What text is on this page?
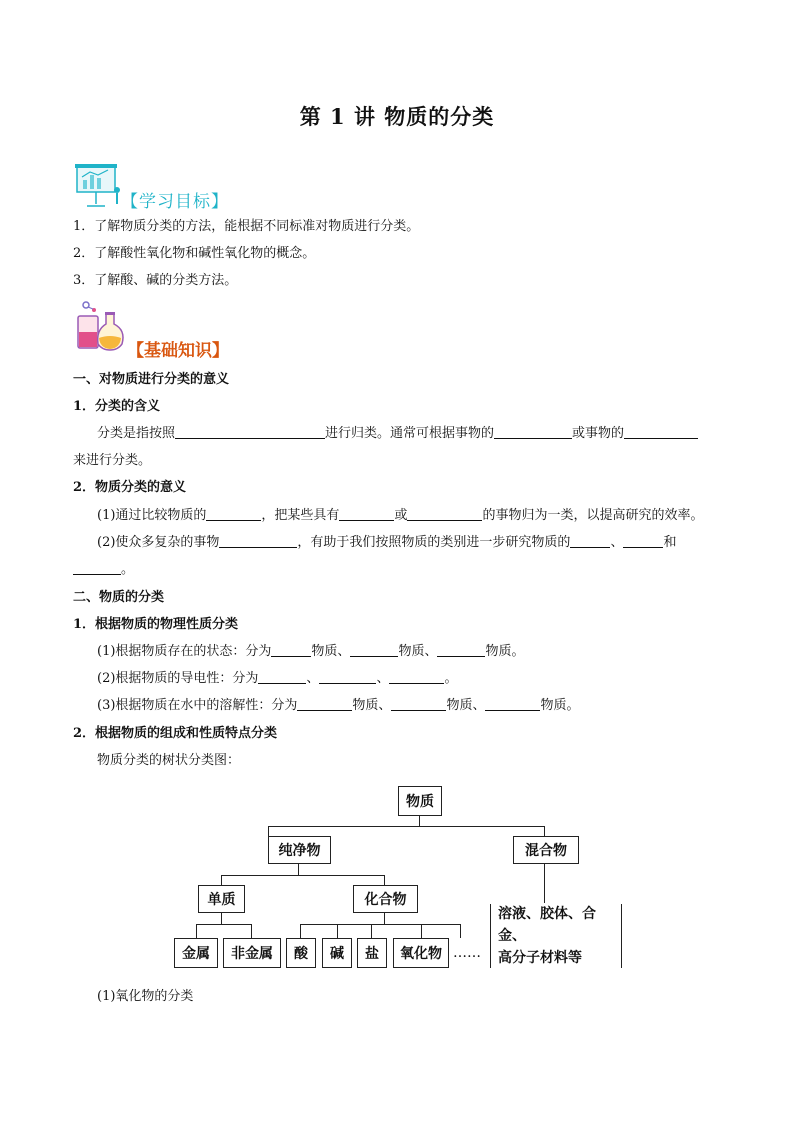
第 1 讲 物质的分类
【学习目标】
1．了解物质分类的方法，能根据不同标准对物质进行分类。
2．了解酸性氧化物和碱性氧化物的概念。
3．了解酸、碱的分类方法。
【基础知识】
一、对物质进行分类的意义
1．分类的含义
分类是指按照	进行归类。通常可根据事物的	或事物的
来进行分类。
2．物质分类的意义
(1)通过比较物质的	，把某些具有	或	的事物归为一类，以提高研究的效率。
(2)使众多复杂的事物	，有助于我们按照物质的类别进一步研究物质的	、	和
。
二、物质的分类
1．根据物质的物理性质分类
(1)根据物质存在的状态：分为	物质、	物质、	物质。
(2)根据物质的导电性：分为	、	、	。
(3)根据物质在水中的溶解性：分为	物质、	物质、	物质。
2．根据物质的组成和性质特点分类
物质分类的树状分类图：
物质
纯净物	混合物
单质	化合物
溶液、胶体、合金、
高分子材料等
金属	非金属	酸	碱	盐	氧化物 ……
(1)氧化物的分类
